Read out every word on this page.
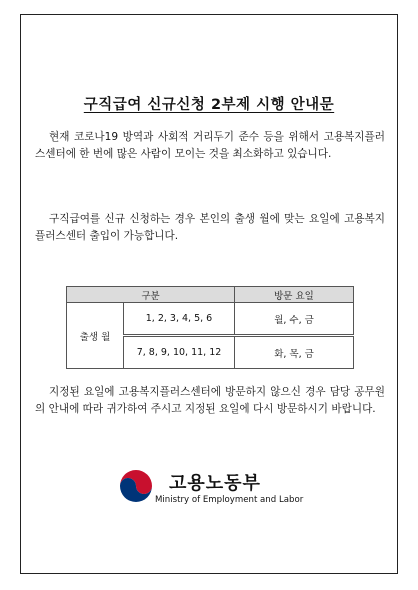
구직급여 신규신청 2부제 시행 안내문
현재 코로나19 방역과 사회적 거리두기 준수 등을 위해서 고용복지플러스센터에 한 번에 많은 사람이 모이는 것을 최소화하고 있습니다.
구직급여를 신규 신청하는 경우 본인의 출생 월에 맞는 요일에 고용복지플러스센터 출입이 가능합니다.
구분		방문 요일
출생 월	1, 2, 3, 4, 5, 6	월, 수, 금
	7, 8, 9, 10, 11, 12	화, 목, 금
지정된 요일에 고용복지플러스센터에 방문하지 않으신 경우 담당 공무원의 안내에 따라 귀가하여 주시고 지정된 요일에 다시 방문하시기 바랍니다.
고용노동부
Ministry of Employment and Labor
